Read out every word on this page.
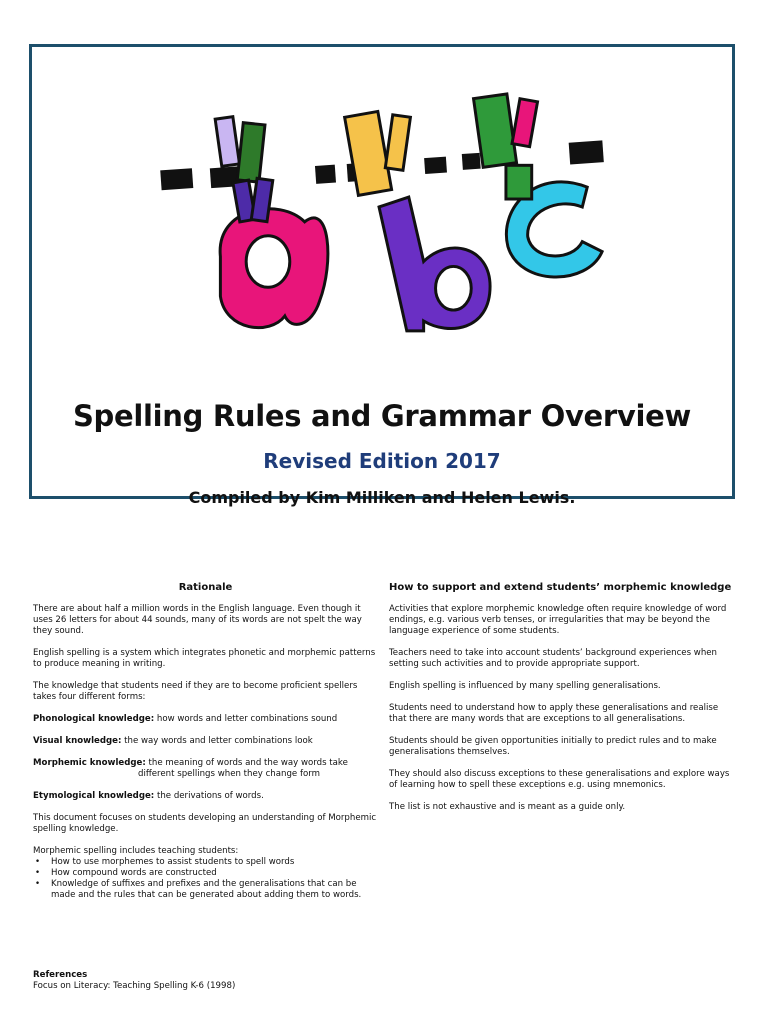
Spelling Rules and Grammar Overview
Revised Edition 2017
Compiled by Kim Milliken and Helen Lewis.
Rationale

There are about half a million words in the English language. Even though it uses 26 letters for about 44 sounds, many of its words are not spelt the way they sound.

English spelling is a system which integrates phonetic and morphemic patterns to produce meaning in writing.

The knowledge that students need if they are to become proficient spellers takes four different forms:

Phonological knowledge: how words and letter combinations sound

Visual knowledge: the way words and letter combinations look

Morphemic knowledge: the meaning of words and the way words take
different spellings when they change form

Etymological knowledge: the derivations of words.

This document focuses on students developing an understanding of Morphemic spelling knowledge.

Morphemic spelling includes teaching students:
• How to use morphemes to assist students to spell words
• How compound words are constructed
• Knowledge of suffixes and prefixes and the generalisations that can be made and the rules that can be generated about adding them to words.
How to support and extend students’ morphemic knowledge

Activities that explore morphemic knowledge often require knowledge of word endings, e.g. various verb tenses, or irregularities that may be beyond the language experience of some students.

Teachers need to take into account students’ background experiences when setting such activities and to provide appropriate support.

English spelling is influenced by many spelling generalisations.

Students need to understand how to apply these generalisations and realise that there are many words that are exceptions to all generalisations.

Students should be given opportunities initially to predict rules and to make generalisations themselves.

They should also discuss exceptions to these generalisations and explore ways of learning how to spell these exceptions e.g. using mnemonics.

The list is not exhaustive and is meant as a guide only.

References
Focus on Literacy: Teaching Spelling K-6 (1998)
